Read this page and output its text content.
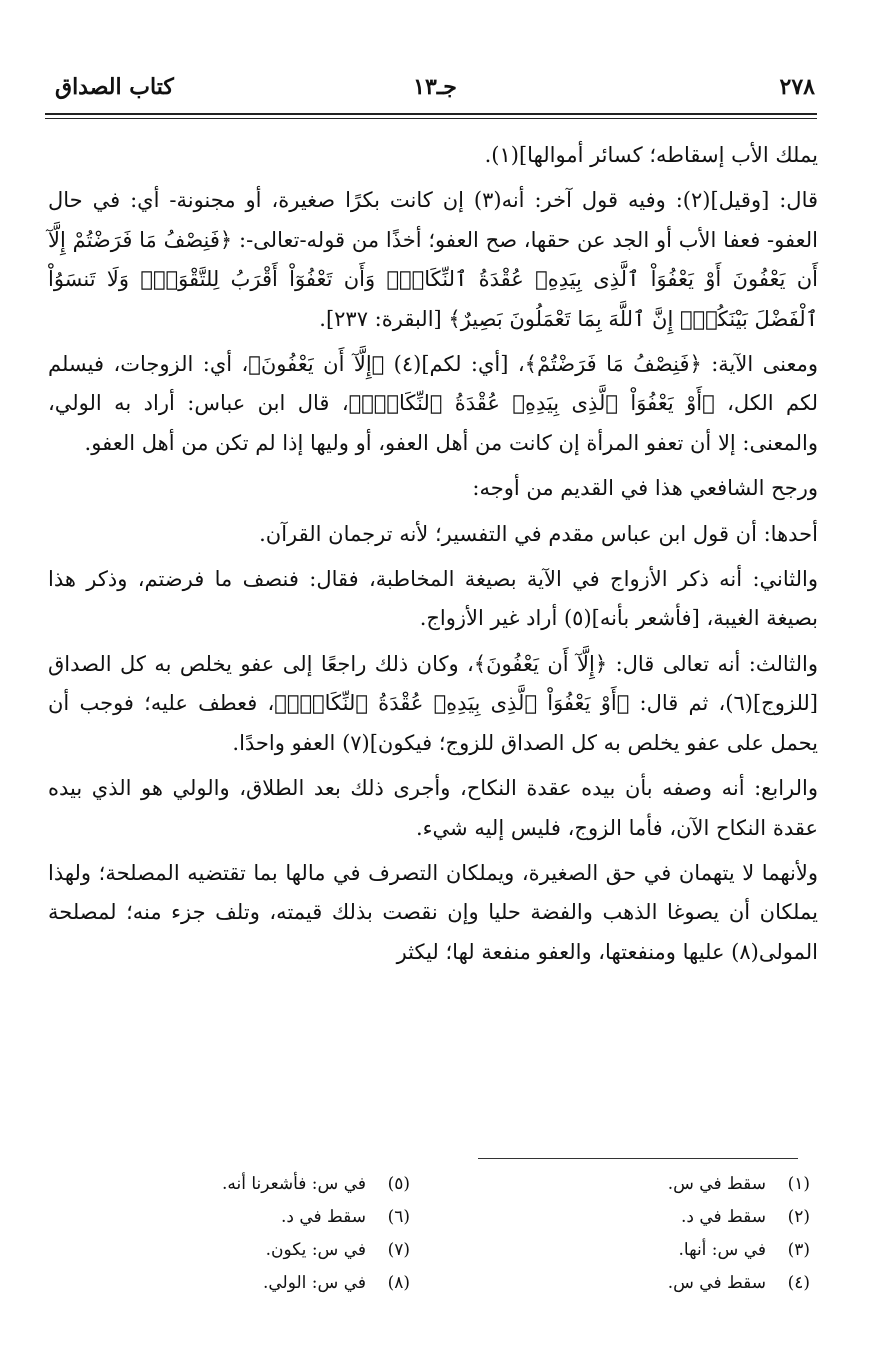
٢٧٨
جـ١٣
كتاب الصداق

يملك الأب إسقاطه؛ كسائر أموالها](١).

قال: [وقيل](٢): وفيه قول آخر: أنه(٣) إن كانت بكرًا صغيرة، أو مجنونة- أي: في حال العفو- فعفا الأب أو الجد عن حقها، صح العفو؛ أخذًا من قوله-تعالى-: ﴿فَنِصْفُ مَا فَرَضْتُمْ إِلَّآ أَن يَعْفُونَ أَوْ يَعْفُوَاْ ٱلَّذِى بِيَدِهِۦ عُقْدَةُ ٱلنِّكَاحِۚ وَأَن تَعْفُوٓاْ أَقْرَبُ لِلتَّقْوَىٰۚ وَلَا تَنسَوُاْ ٱلْفَضْلَ بَيْنَكُمْۚ إِنَّ ٱللَّهَ بِمَا تَعْمَلُونَ بَصِيرٌ﴾ [البقرة: ٢٣٧].

ومعنى الآية: ﴿فَنِصْفُ مَا فَرَضْتُمْ﴾، [أي: لكم](٤) ﴿إِلَّآ أَن يَعْفُونَ﴾، أي: الزوجات، فيسلم لكم الكل، ﴿أَوْ يَعْفُوَاْ ٱلَّذِى بِيَدِهِۦ عُقْدَةُ ٱلنِّكَاحِۚ﴾، قال ابن عباس: أراد به الولي، والمعنى: إلا أن تعفو المرأة إن كانت من أهل العفو، أو وليها إذا لم تكن من أهل العفو.

ورجح الشافعي هذا في القديم من أوجه:

أحدها: أن قول ابن عباس مقدم في التفسير؛ لأنه ترجمان القرآن.

والثاني: أنه ذكر الأزواج في الآية بصيغة المخاطبة، فقال: فنصف ما فرضتم، وذكر هذا بصيغة الغيبة، [فأشعر بأنه](٥) أراد غير الأزواج.

والثالث: أنه تعالى قال: ﴿إِلَّآ أَن يَعْفُونَ﴾، وكان ذلك راجعًا إلى عفو يخلص به كل الصداق [للزوج](٦)، ثم قال: ﴿أَوْ يَعْفُوَاْ ٱلَّذِى بِيَدِهِۦ عُقْدَةُ ٱلنِّكَاحِۚ﴾، فعطف عليه؛ فوجب أن يحمل على عفو يخلص به كل الصداق للزوج؛ فيكون](٧) العفو واحدًا.

والرابع: أنه وصفه بأن بيده عقدة النكاح، وأجرى ذلك بعد الطلاق، والولي هو الذي بيده عقدة النكاح الآن، فأما الزوج، فليس إليه شيء.

ولأنهما لا يتهمان في حق الصغيرة، ويملكان التصرف في مالها بما تقتضيه المصلحة؛ ولهذا يملكان أن يصوغا الذهب والفضة حليا وإن نقصت بذلك قيمته، وتلف جزء منه؛ لمصلحة المولى(٨) عليها ومنفعتها، والعفو منفعة لها؛ ليكثر

(١)سقط في س.
(٢)سقط في د.
(٣)في س: أنها.
(٤)سقط في س.
(٥)في س: فأشعرنا أنه.
(٦)سقط في د.
(٧)في س: يكون.
(٨)في س: الولي.
